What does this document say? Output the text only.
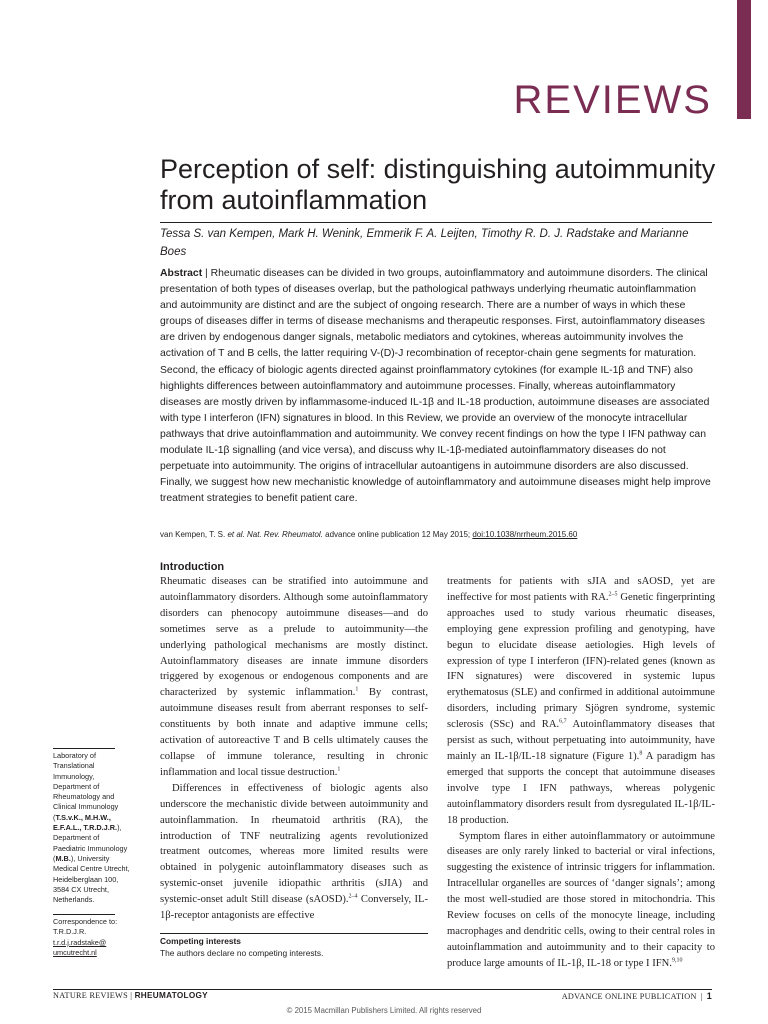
REVIEWS
Perception of self: distinguishing autoimmunity from autoinflammation
Tessa S. van Kempen, Mark H. Wenink, Emmerik F. A. Leijten, Timothy R. D. J. Radstake and Marianne Boes
Abstract | Rheumatic diseases can be divided in two groups, autoinflammatory and autoimmune disorders. The clinical presentation of both types of diseases overlap, but the pathological pathways underlying rheumatic autoinflammation and autoimmunity are distinct and are the subject of ongoing research. There are a number of ways in which these groups of diseases differ in terms of disease mechanisms and therapeutic responses. First, autoinflammatory diseases are driven by endogenous danger signals, metabolic mediators and cytokines, whereas autoimmunity involves the activation of T and B cells, the latter requiring V-(D)-J recombination of receptor-chain gene segments for maturation. Second, the efficacy of biologic agents directed against proinflammatory cytokines (for example IL-1β and TNF) also highlights differences between autoinflammatory and autoimmune processes. Finally, whereas autoinflammatory diseases are mostly driven by inflammasome-induced IL-1β and IL-18 production, autoimmune diseases are associated with type I interferon (IFN) signatures in blood. In this Review, we provide an overview of the monocyte intracellular pathways that drive autoinflammation and autoimmunity. We convey recent findings on how the type I IFN pathway can modulate IL-1β signalling (and vice versa), and discuss why IL-1β-mediated autoinflammatory diseases do not perpetuate into autoimmunity. The origins of intracellular autoantigens in autoimmune disorders are also discussed. Finally, we suggest how new mechanistic knowledge of autoinflammatory and autoimmune diseases might help improve treatment strategies to benefit patient care.
van Kempen, T. S. et al. Nat. Rev. Rheumatol. advance online publication 12 May 2015; doi:10.1038/nrrheum.2015.60
Introduction

Rheumatic diseases can be stratified into autoimmune and autoinflammatory disorders. Although some autoinflammatory disorders can phenocopy autoimmune diseases—and do sometimes serve as a prelude to autoimmunity—the underlying pathological mechanisms are mostly distinct. Autoinflammatory diseases are innate immune disorders triggered by exogenous or endogenous components and are characterized by systemic inflammation.$^1$ By contrast, autoimmune diseases result from aberrant responses to self-constituents by both innate and adaptive immune cells; activation of autoreactive T and B cells ultimately causes the collapse of immune tolerance, resulting in chronic inflammation and local tissue destruction.$^1$

Differences in effectiveness of biologic agents also underscore the mechanistic divide between autoimmunity and autoinflammation. In rheumatoid arthritis (RA), the introduction of TNF neutralizing agents revolutionized treatment outcomes, whereas more limited results were obtained in polygenic autoinflammatory diseases such as systemic-onset juvenile idiopathic arthritis (sJIA) and systemic-onset adult Still disease (sAOSD).$^{2-4}$ Conversely, IL-1β-receptor antagonists are effective

treatments for patients with sJIA and sAOSD, yet are ineffective for most patients with RA.$^{2-5}$ Genetic fingerprinting approaches used to study various rheumatic diseases, employing gene expression profiling and genotyping, have begun to elucidate disease aetiologies. High levels of expression of type I interferon (IFN)-related genes (known as IFN signatures) were discovered in systemic lupus erythematosus (SLE) and confirmed in additional autoimmune disorders, including primary Sjögren syndrome, systemic sclerosis (SSc) and RA.$^{6,7}$ Autoinflammatory diseases that persist as such, without perpetuating into autoimmunity, have mainly an IL-1β/IL-18 signature (Figure 1).$^8$ A paradigm has emerged that supports the concept that autoimmune diseases involve type I IFN pathways, whereas polygenic autoinflammatory disorders result from dysregulated IL-1β/IL-18 production.

Symptom flares in either autoinflammatory or autoimmune diseases are only rarely linked to bacterial or viral infections, suggesting the existence of intrinsic triggers for inflammation. Intracellular organelles are sources of ‘danger signals’; among the most well-studied are those stored in mitochondria. This Review focuses on cells of the monocyte lineage, including macrophages and dendritic cells, owing to their central roles in autoinflammation and autoimmunity and to their capacity to produce large amounts of IL-1β, IL-18 or type I IFN.$^{9,10}$

Laboratory of Translational Immunology, Department of Rheumatology and Clinical Immunology (T.S.v.K., M.H.W., E.F.A.L., T.R.D.J.R.), Department of Paediatric Immunology (M.B.), University Medical Centre Utrecht, Heidelberglaan 100, 3584 CX Utrecht, Netherlands.
Correspondence to:
T.R.D.J.R.
t.r.d.j.radstake@
umcutrecht.nl
Competing interests
The authors declare no competing interests.
NATURE REVIEWS | RHEUMATOLOGY	ADVANCE ONLINE PUBLICATION | 1
© 2015 Macmillan Publishers Limited. All rights reserved
